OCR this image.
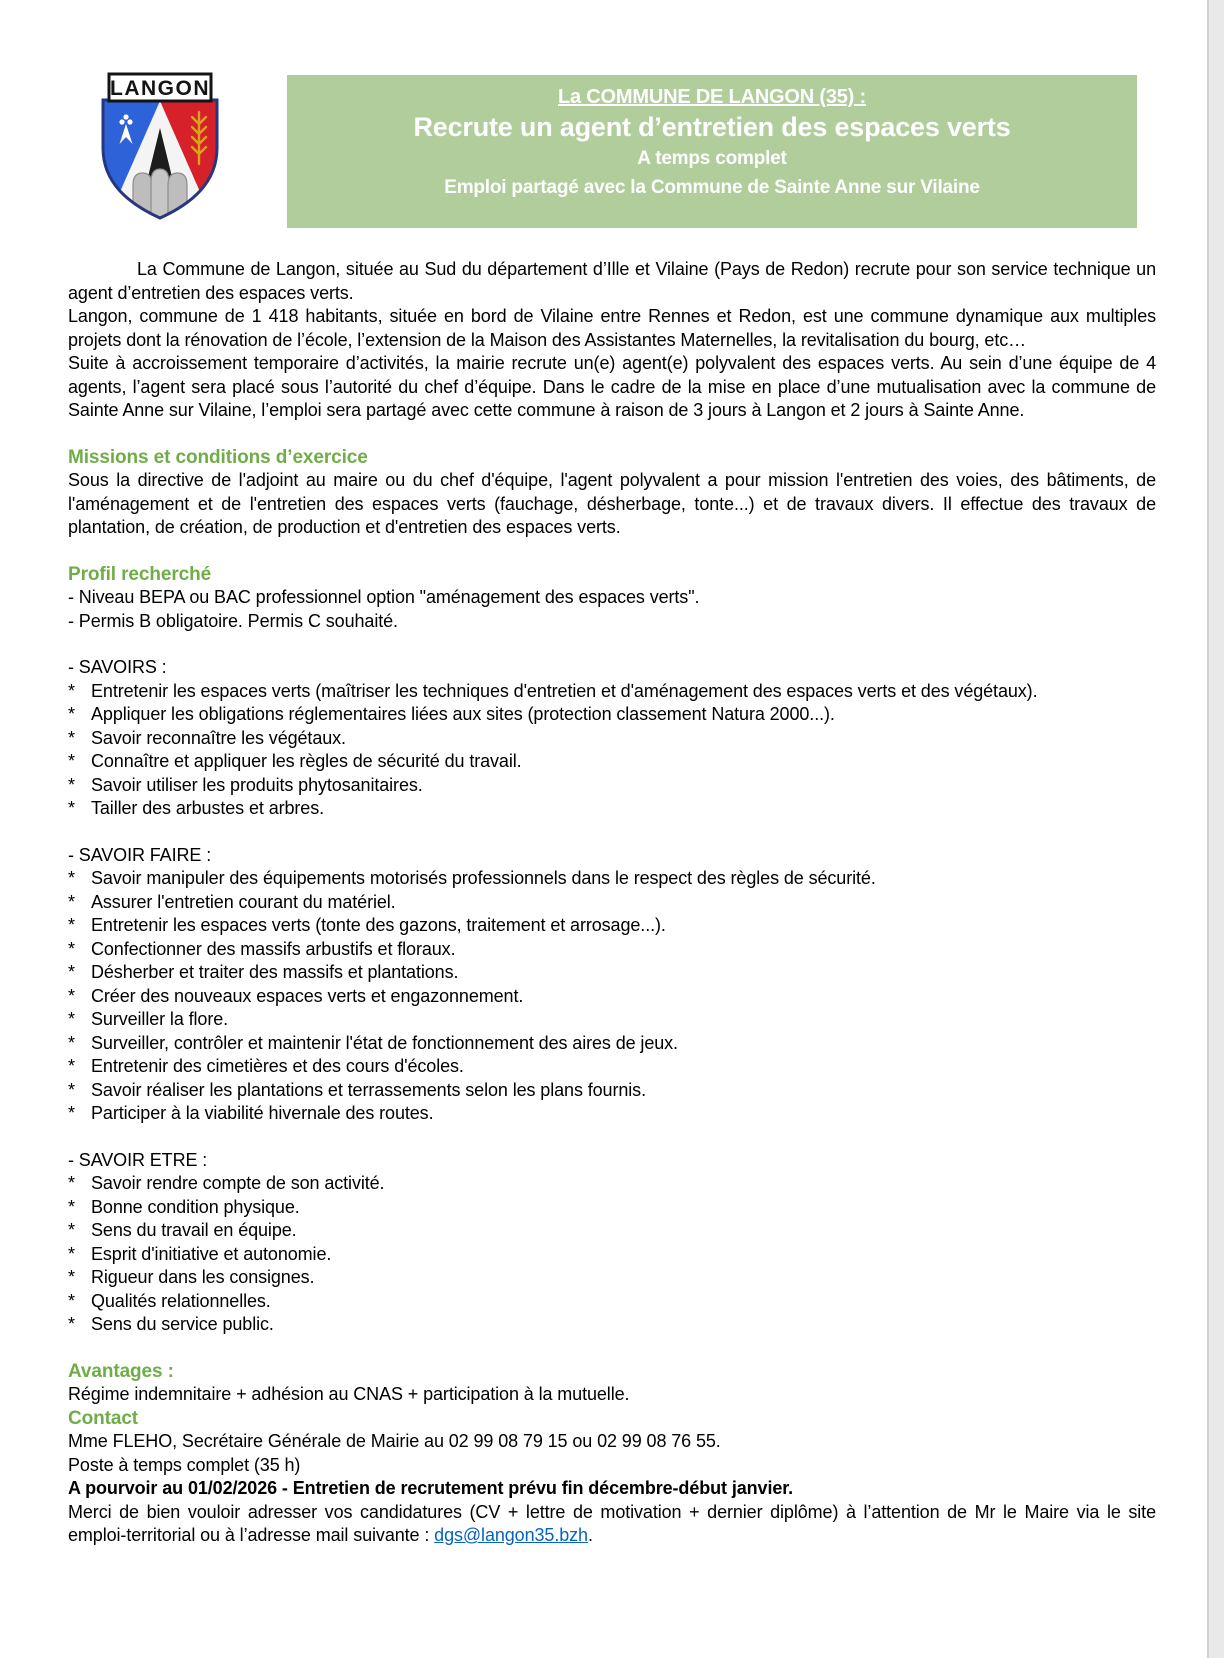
LANGON	La COMMUNE DE LANGON (35) :
Recrute un agent d’entretien des espaces verts
A temps complet
Emploi partagé avec la Commune de Sainte Anne sur Vilaine

La Commune de Langon, située au Sud du département d’Ille et Vilaine (Pays de Redon) recrute pour son service technique un agent d’entretien des espaces verts.

Langon, commune de 1 418 habitants, située en bord de Vilaine entre Rennes et Redon, est une commune dynamique aux multiples projets dont la rénovation de l’école, l’extension de la Maison des Assistantes Maternelles, la revitalisation du bourg, etc…

Suite à accroissement temporaire d’activités, la mairie recrute un(e) agent(e) polyvalent des espaces verts. Au sein d’une équipe de 4 agents, l’agent sera placé sous l’autorité du chef d’équipe. Dans le cadre de la mise en place d’une mutualisation avec la commune de Sainte Anne sur Vilaine, l’emploi sera partagé avec cette commune à raison de 3 jours à Langon et 2 jours à Sainte Anne.

Missions et conditions d’exercice

Sous la directive de l'adjoint au maire ou du chef d'équipe, l'agent polyvalent a pour mission l'entretien des voies, des bâtiments, de l'aménagement et de l'entretien des espaces verts (fauchage, désherbage, tonte...) et de travaux divers. Il effectue des travaux de plantation, de création, de production et d'entretien des espaces verts.

Profil recherché

- Niveau BEPA ou BAC professionnel option "aménagement des espaces verts".

- Permis B obligatoire. Permis C souhaité.

- SAVOIRS :

* Entretenir les espaces verts (maîtriser les techniques d'entretien et d'aménagement des espaces verts et des végétaux).

* Appliquer les obligations réglementaires liées aux sites (protection classement Natura 2000...).

* Savoir reconnaître les végétaux.

* Connaître et appliquer les règles de sécurité du travail.

* Savoir utiliser les produits phytosanitaires.

* Tailler des arbustes et arbres.

- SAVOIR FAIRE :

* Savoir manipuler des équipements motorisés professionnels dans le respect des règles de sécurité.

* Assurer l'entretien courant du matériel.

* Entretenir les espaces verts (tonte des gazons, traitement et arrosage...).

* Confectionner des massifs arbustifs et floraux.

* Désherber et traiter des massifs et plantations.

* Créer des nouveaux espaces verts et engazonnement.

* Surveiller la flore.

* Surveiller, contrôler et maintenir l'état de fonctionnement des aires de jeux.

* Entretenir des cimetières et des cours d'écoles.

* Savoir réaliser les plantations et terrassements selon les plans fournis.

* Participer à la viabilité hivernale des routes.

- SAVOIR ETRE :

* Savoir rendre compte de son activité.

* Bonne condition physique.

* Sens du travail en équipe.

* Esprit d'initiative et autonomie.

* Rigueur dans les consignes.

* Qualités relationnelles.

* Sens du service public.

Avantages :

Régime indemnitaire + adhésion au CNAS + participation à la mutuelle.

Contact

Mme FLEHO, Secrétaire Générale de Mairie au 02 99 08 79 15 ou 02 99 08 76 55.

Poste à temps complet (35 h)

A pourvoir au 01/02/2026 - Entretien de recrutement prévu fin décembre-début janvier.

Merci de bien vouloir adresser vos candidatures (CV + lettre de motivation + dernier diplôme) à l’attention de Mr le Maire via le site emploi-territorial ou à l’adresse mail suivante : dgs@langon35.bzh.
